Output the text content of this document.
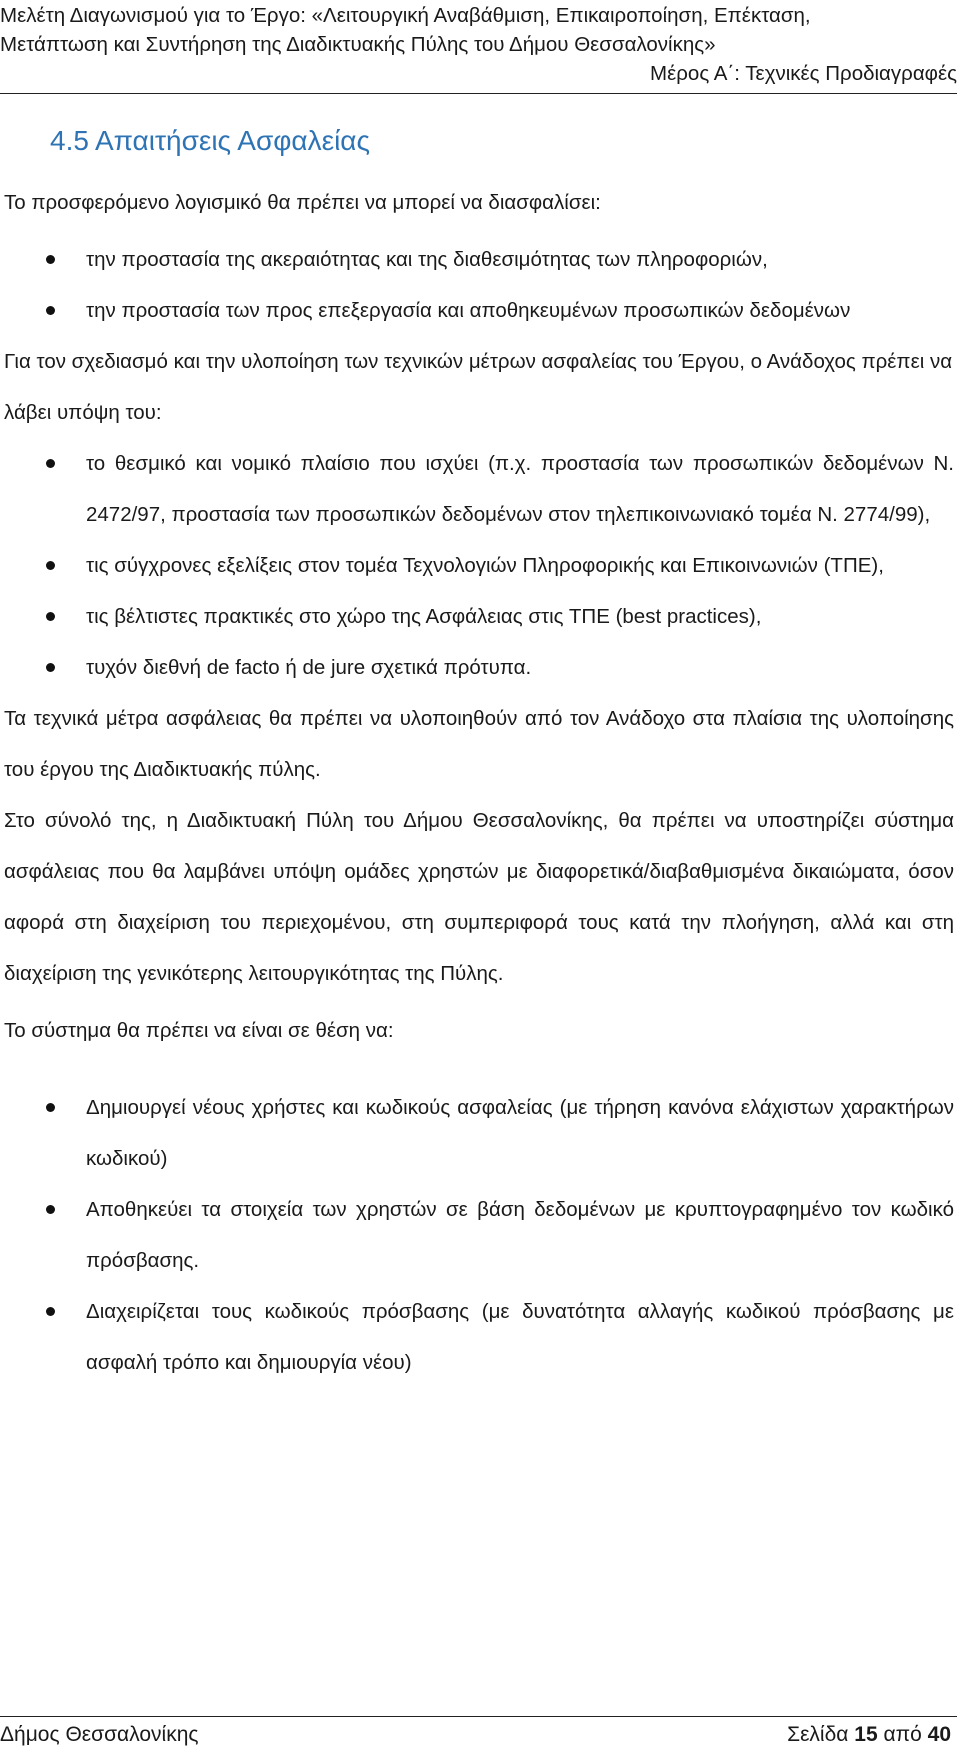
Μελέτη Διαγωνισμού για το Έργο: «Λειτουργική Αναβάθμιση, Επικαιροποίηση, Επέκταση,
Μετάπτωση και Συντήρηση της Διαδικτυακής Πύλης του Δήμου Θεσσαλονίκης»
Μέρος Α΄: Τεχνικές Προδιαγραφές
4.5 Απαιτήσεις Ασφαλείας

Το προσφερόμενο λογισμικό θα πρέπει να μπορεί να διασφαλίσει:

την προστασία της ακεραιότητας και της διαθεσιμότητας των πληροφοριών,
την προστασία των προς επεξεργασία και αποθηκευμένων προσωπικών δεδομένων

Για τον σχεδιασμό και την υλοποίηση των τεχνικών μέτρων ασφαλείας του Έργου, ο Ανάδοχος πρέπει να λάβει υπόψη του:

το θεσμικό και νομικό πλαίσιο που ισχύει (π.χ. προστασία των προσωπικών δεδομένων Ν. 2472/97, προστασία των προσωπικών δεδομένων στον τηλεπικοινωνιακό τομέα Ν. 2774/99),
τις σύγχρονες εξελίξεις στον τομέα Τεχνολογιών Πληροφορικής και Επικοινωνιών (ΤΠΕ),
τις βέλτιστες πρακτικές στο χώρο της Ασφάλειας στις ΤΠΕ (best practices),
τυχόν διεθνή de facto ή de jure σχετικά πρότυπα.

Τα τεχνικά μέτρα ασφάλειας θα πρέπει να υλοποιηθούν από τον Ανάδοχο στα πλαίσια της υλοποίησης του έργου της Διαδικτυακής πύλης.

Στο σύνολό της, η Διαδικτυακή Πύλη του Δήμου Θεσσαλονίκης, θα πρέπει να υποστηρίζει σύστημα ασφάλειας που θα λαμβάνει υπόψη ομάδες χρηστών με διαφορετικά/διαβαθμισμένα δικαιώματα, όσον αφορά στη διαχείριση του περιεχομένου, στη συμπεριφορά τους κατά την πλοήγηση, αλλά και στη διαχείριση της γενικότερης λειτουργικότητας της Πύλης.

Το σύστημα θα πρέπει να είναι σε θέση να:

Δημιουργεί νέους χρήστες και κωδικούς ασφαλείας (με τήρηση κανόνα ελάχιστων χαρακτήρων κωδικού)
Αποθηκεύει τα στοιχεία των χρηστών σε βάση δεδομένων με κρυπτογραφημένο τον κωδικό πρόσβασης.
Διαχειρίζεται τους κωδικούς πρόσβασης (με δυνατότητα αλλαγής κωδικού πρόσβασης με ασφαλή τρόπο και δημιουργία νέου)
Δήμος Θεσσαλονίκης	Σελίδα 15 από 40
